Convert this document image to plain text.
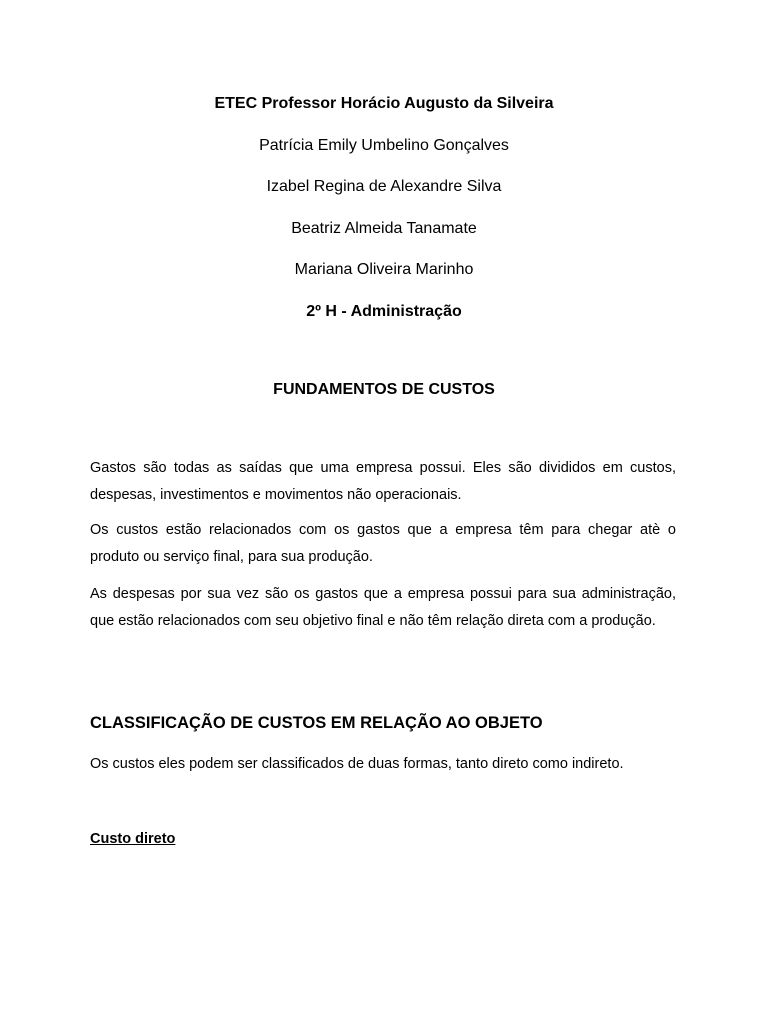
ETEC Professor Horácio Augusto da Silveira

Patrícia Emily Umbelino Gonçalves

Izabel Regina de Alexandre Silva

Beatriz Almeida Tanamate

Mariana Oliveira Marinho

2º H - Administração

FUNDAMENTOS DE CUSTOS

Gastos são todas as saídas que uma empresa possui. Eles são divididos em custos, despesas, investimentos e movimentos não operacionais.

Os custos estão relacionados com os gastos que a empresa têm para chegar atè o produto ou serviço final, para sua produção.

As despesas por sua vez são os gastos que a empresa possui para sua administração, que estão relacionados com seu objetivo final e não têm relação direta com a produção.

CLASSIFICAÇÃO DE CUSTOS EM RELAÇÃO AO OBJETO

Os custos eles podem ser classificados de duas formas, tanto direto como indireto.

Custo direto
